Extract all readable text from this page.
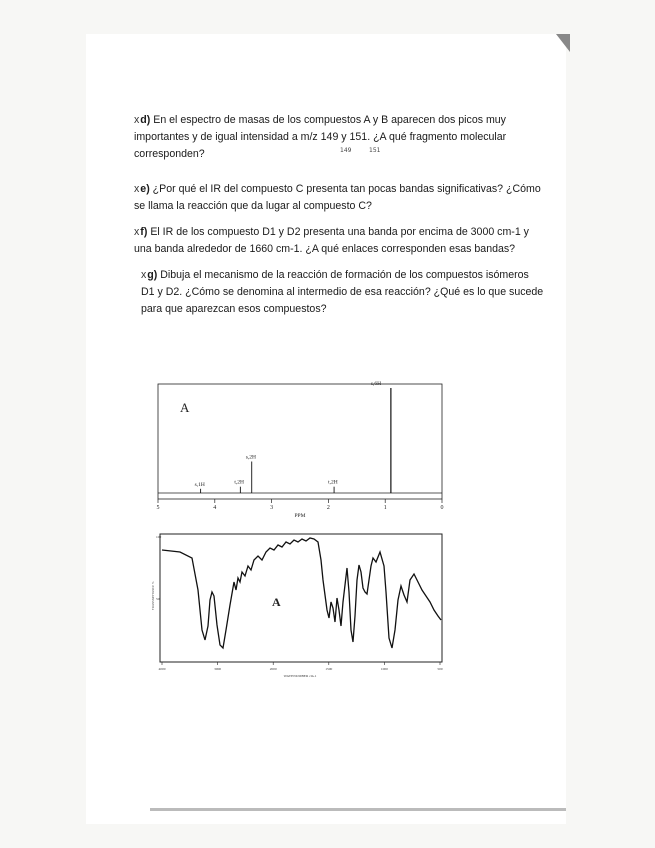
xd) En el espectro de masas de los compuestos A y B aparecen dos picos muy importantes y de igual intensidad a m/z 149 y 151. ¿A qué fragmento molecular corresponden?	149	151
xe) ¿Por qué el IR del compuesto C presenta tan pocas bandas significativas? ¿Cómo se llama la reacción que da lugar al compuesto C?
xf) El IR de los compuesto D1 y D2 presenta una banda por encima de 3000 cm-1 y una banda alrededor de 1660 cm-1. ¿A qué enlaces corresponden esas bandas?
xg) Dibuja el mecanismo de la reacción de formación de los compuestos isómeros D1 y D2. ¿Cómo se denomina al intermedio de esa reacción? ¿Qué es lo que sucede para que aparezcan esos compuestos?
A
s,1H	t,2H
s,2H
t,2H
s,6H
5	4	3	2	1	0
PPM
100
50
TRANSMITTANCE %	A
4000	3000	2000	1500	1000	500
WAVENUMBER cm-1
